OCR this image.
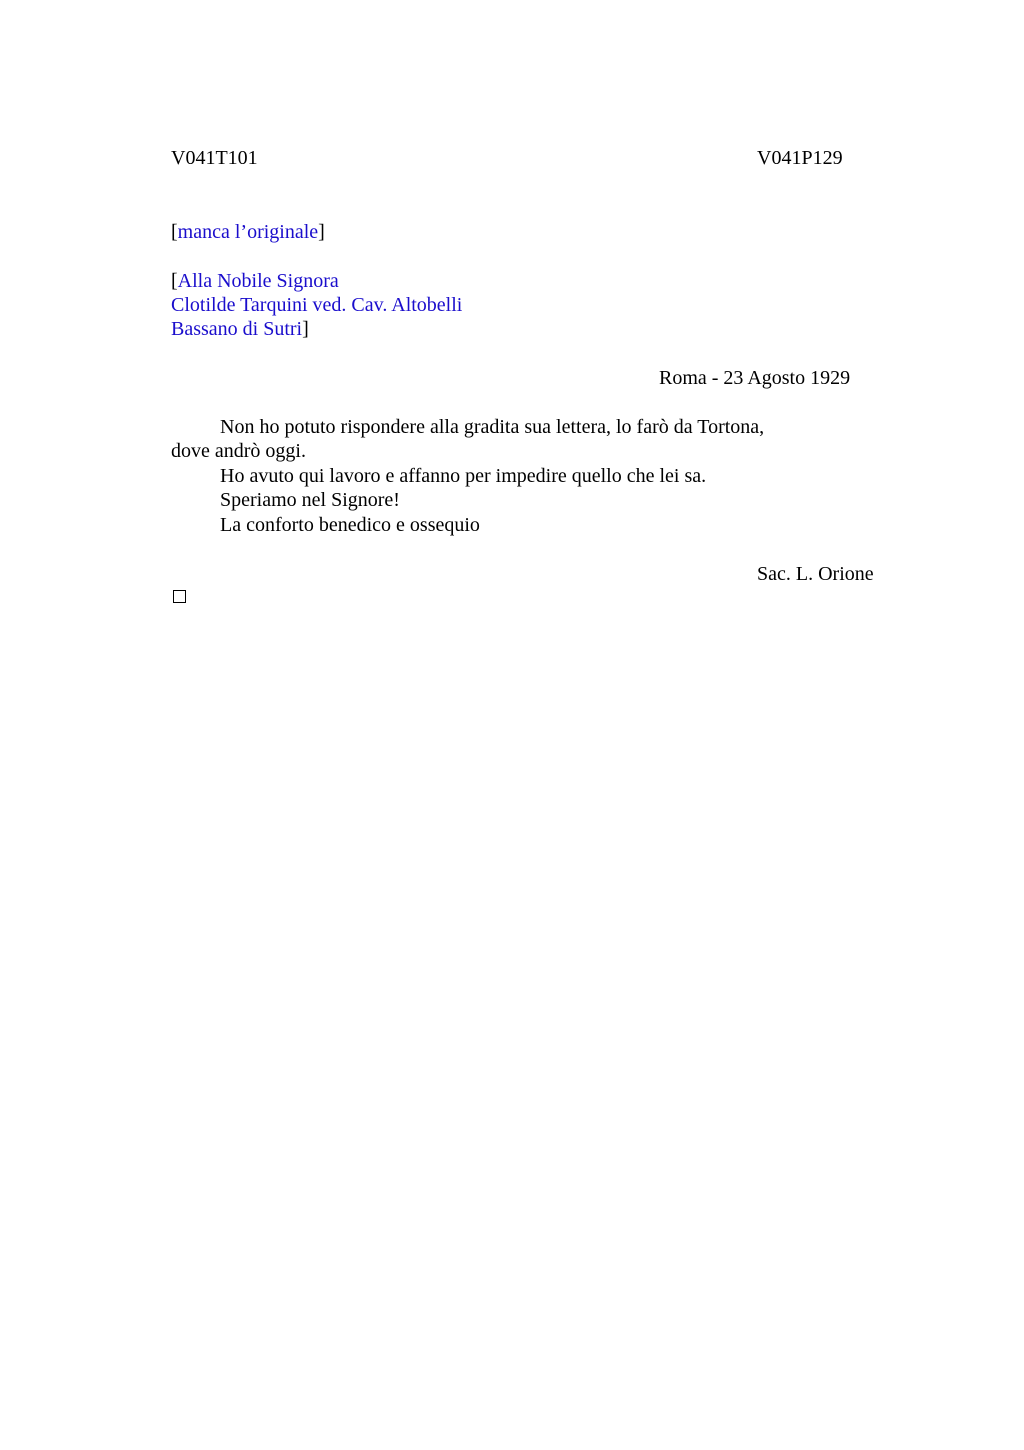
V041T101	V041P129
[manca l’originale]
[Alla Nobile Signora
Clotilde Tarquini ved. Cav. Altobelli
Bassano di Sutri]
Roma - 23 Agosto 1929
Non ho potuto rispondere alla gradita sua lettera, lo farò da Tortona,
dove andrò oggi.
Ho avuto qui lavoro e affanno per impedire quello che lei sa.
Speriamo nel Signore!
La conforto benedico e ossequio
Sac. L. Orione
